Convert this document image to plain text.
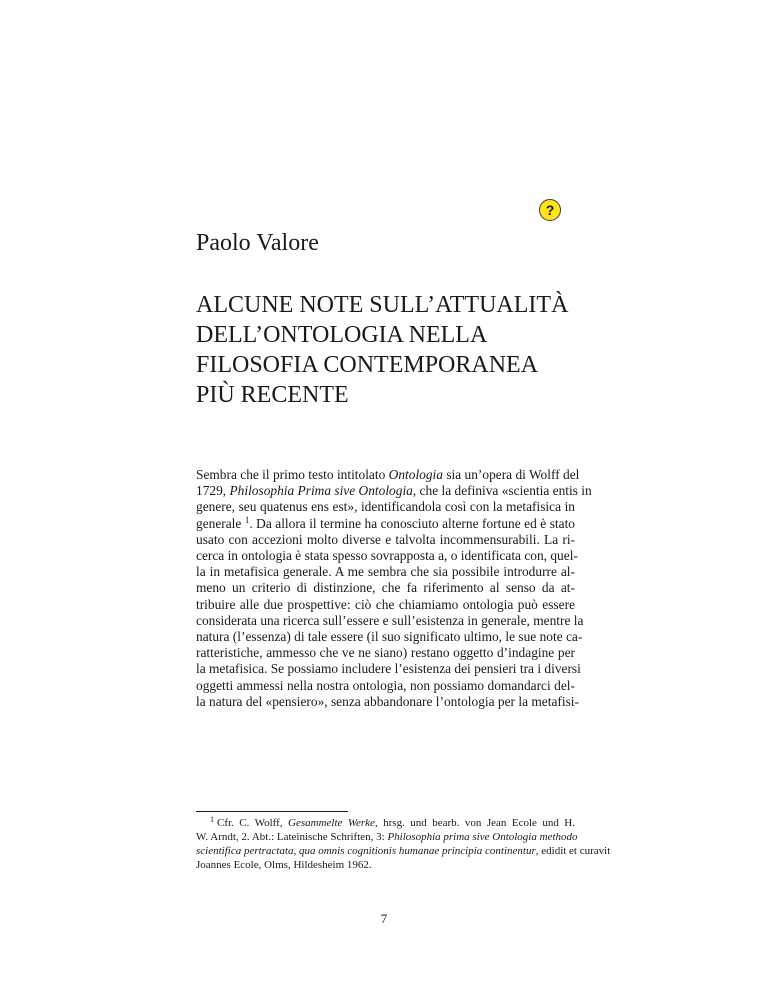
?
Paolo Valore
ALCUNE NOTE SULL’ATTUALITÀ
DELL’ONTOLOGIA NELLA
FILOSOFIA CONTEMPORANEA
PIÙ RECENTE
Sembra che il primo testo intitolato Ontologia sia un’opera di Wolff del
1729, Philosophia Prima sive Ontologia, che la definiva «scientia entis in
genere, seu quatenus ens est», identificandola così con la metafisica in
generale $^1$. Da allora il termine ha conosciuto alterne fortune ed è stato
usato con accezioni molto diverse e talvolta incommensurabili. La ri-
cerca in ontologia è stata spesso sovrapposta a, o identificata con, quel-
la in metafisica generale. A me sembra che sia possibile introdurre al-
meno un criterio di distinzione, che fa riferimento al senso da at-
tribuire alle due prospettive: ciò che chiamiamo ontologia può essere
considerata una ricerca sull’essere e sull’esistenza in generale, mentre la
natura (l’essenza) di tale essere (il suo significato ultimo, le sue note ca-
ratteristiche, ammesso che ve ne siano) restano oggetto d’indagine per
la metafisica. Se possiamo includere l’esistenza dei pensieri tra i diversi
oggetti ammessi nella nostra ontologia, non possiamo domandarci del-
la natura del «pensiero», senza abbandonare l’ontologia per la metafisi-
$^1$ Cfr. C. Wolff, Gesammelte Werke, hrsg. und bearb. von Jean Ecole und H.
W. Arndt, 2. Abt.: Lateinische Schriften, 3: Philosophia prima sive Ontologia methodo
scientifica pertractata, qua omnis cognitionis humanae principia continentur, edidit et curavit
Joannes Ecole, Olms, Hildesheim 1962.
7
